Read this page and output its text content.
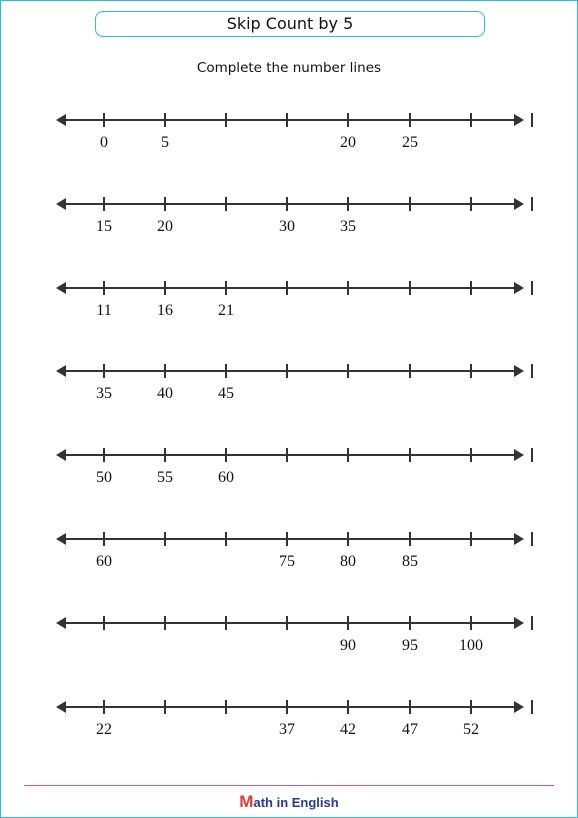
Skip Count by 5
Complete the number lines
0	5	20	25
15	20	30	35
11	16	21
35	40	45
50	55	60
60	75	80	85
90	95	100
22	37	42	47	52
Math in English
